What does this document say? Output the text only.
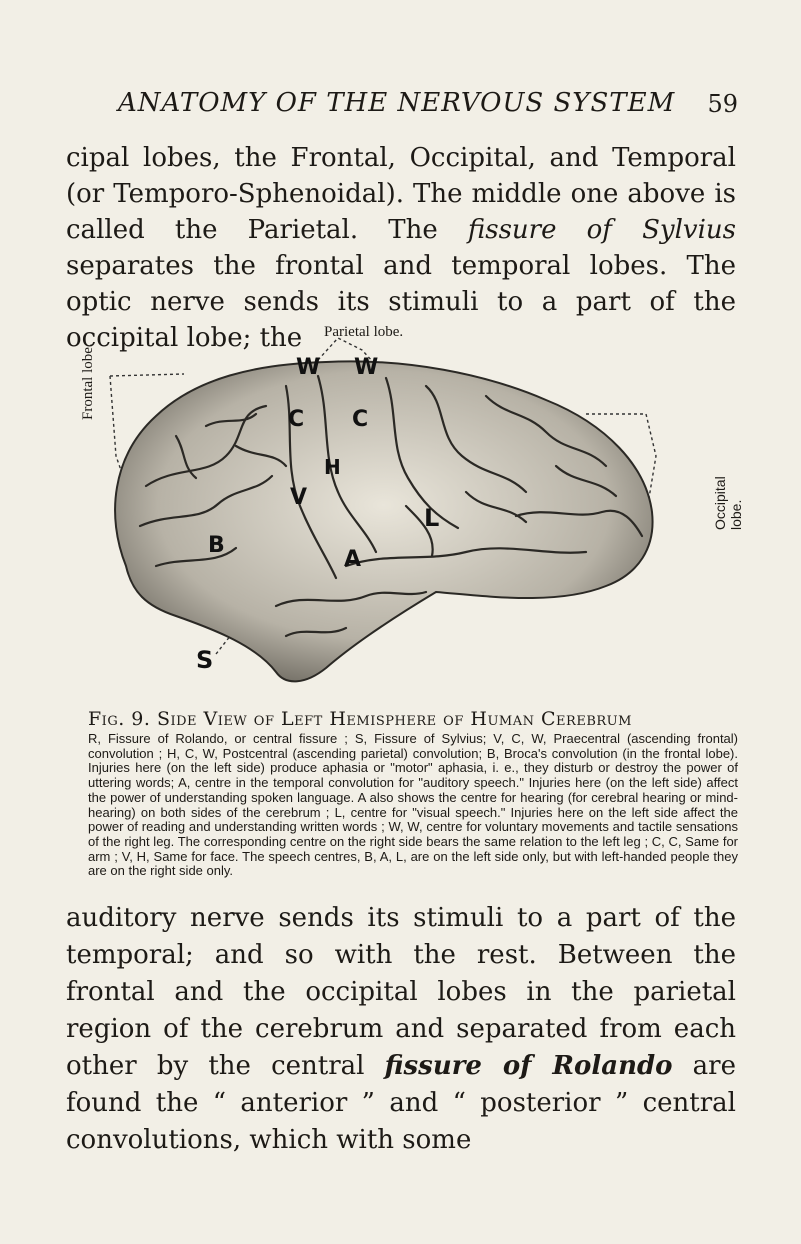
ANATOMY OF THE NERVOUS SYSTEM 59
cipal lobes, the Frontal, Occipital, and Temporal (or Temporo-Sphenoidal). The middle one above is called the Parietal. The fissure of Sylvius separates the frontal and temporal lobes. The optic nerve sends its stimuli to a part of the occipital lobe; the	Parietal lobe.
Frontal lobe.
Occipital lobe.
W W
C C
H
V
B
A
L
S
Fig. 9. Side View of Left Hemisphere of Human Cerebrum
R, Fissure of Rolando, or central fissure ; S, Fissure of Sylvius; V, C, W, Praecentral (ascending frontal) convolution ; H, C, W, Postcentral (ascending parietal) convolution; B, Broca's convolution (in the frontal lobe). Injuries here (on the left side) produce aphasia or "motor" aphasia, i. e., they disturb or destroy the power of uttering words; A, centre in the temporal convolution for "auditory speech." Injuries here (on the left side) affect the power of understanding spoken language. A also shows the centre for hearing (for cerebral hearing or mind-hearing) on both sides of the cerebrum ; L, centre for "visual speech." Injuries here on the left side affect the power of reading and understanding written words ; W, W, centre for voluntary movements and tactile sensations of the right leg. The corresponding centre on the right side bears the same relation to the left leg ; C, C, Same for arm ; V, H, Same for face. The speech centres, B, A, L, are on the left side only, but with left-handed people they are on the right side only.
auditory nerve sends its stimuli to a part of the temporal; and so with the rest. Between the frontal and the occipital lobes in the parietal region of the cerebrum and separated from each other by the central fissure of Rolando are found the “ anterior ” and “ posterior ” central convolutions, which with some
